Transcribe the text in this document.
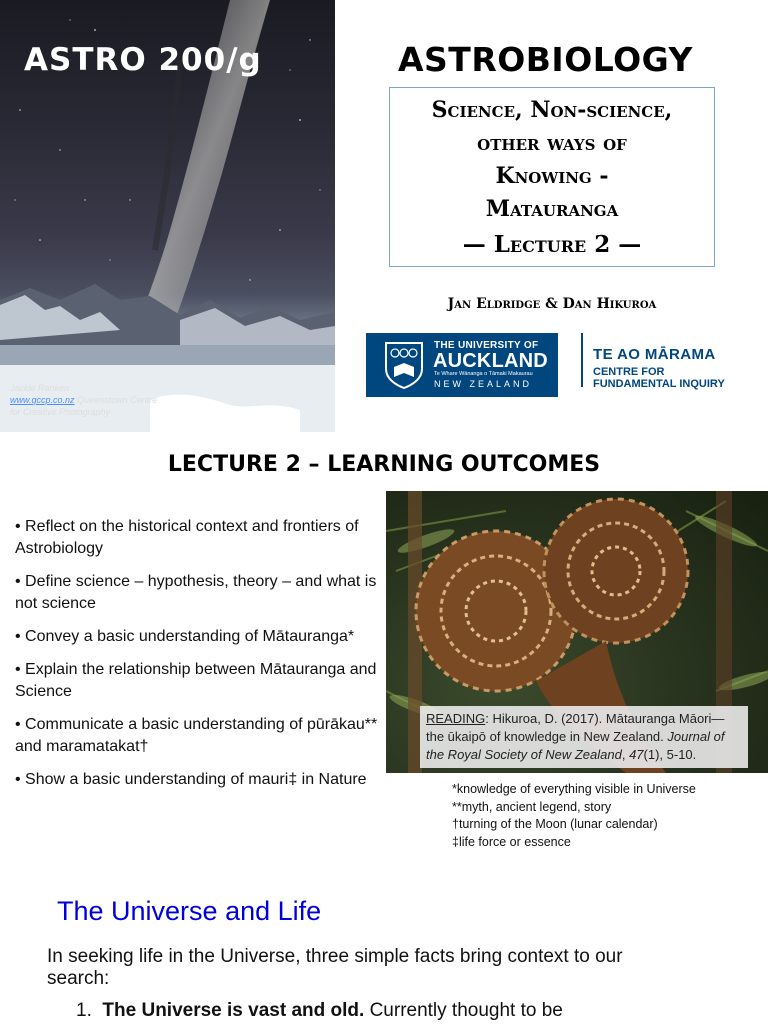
ASTRO 200/g
Jackie Ranken
www.qccp.co.nz Queenstown Centre
for Creative Photography
ASTROBIOLOGY
Science, Non-science,
other ways of
Knowing -
Matauranga
— Lecture 2 —
Jan Eldridge & Dan Hikuroa
THE UNIVERSITY OF
AUCKLAND
Te Whare Wānanga o Tāmaki Makaurau
NEW ZEALAND
TE AO MĀRAMA
CENTRE FOR
FUNDAMENTAL INQUIRY
LECTURE 2 – LEARNING OUTCOMES
• Reflect on the historical context and frontiers of Astrobiology
• Define science – hypothesis, theory – and what is not science
• Convey a basic understanding of Mātauranga*
• Explain the relationship between Mātauranga and Science
• Communicate a basic understanding of pūrākau** and maramatakat†
• Show a basic understanding of mauri‡ in Nature
*knowledge of everything visible in Universe
**myth, ancient legend, story
†turning of the Moon (lunar calendar)
‡life force or essence
READING: Hikuroa, D. (2017). Mātauranga Māori—the ūkaipō of knowledge in New Zealand. Journal of the Royal Society of New Zealand, 47(1), 5-10.
The Universe and Life
In seeking life in the Universe, three simple facts bring context to our search:
1. The Universe is vast and old. Currently thought to be
